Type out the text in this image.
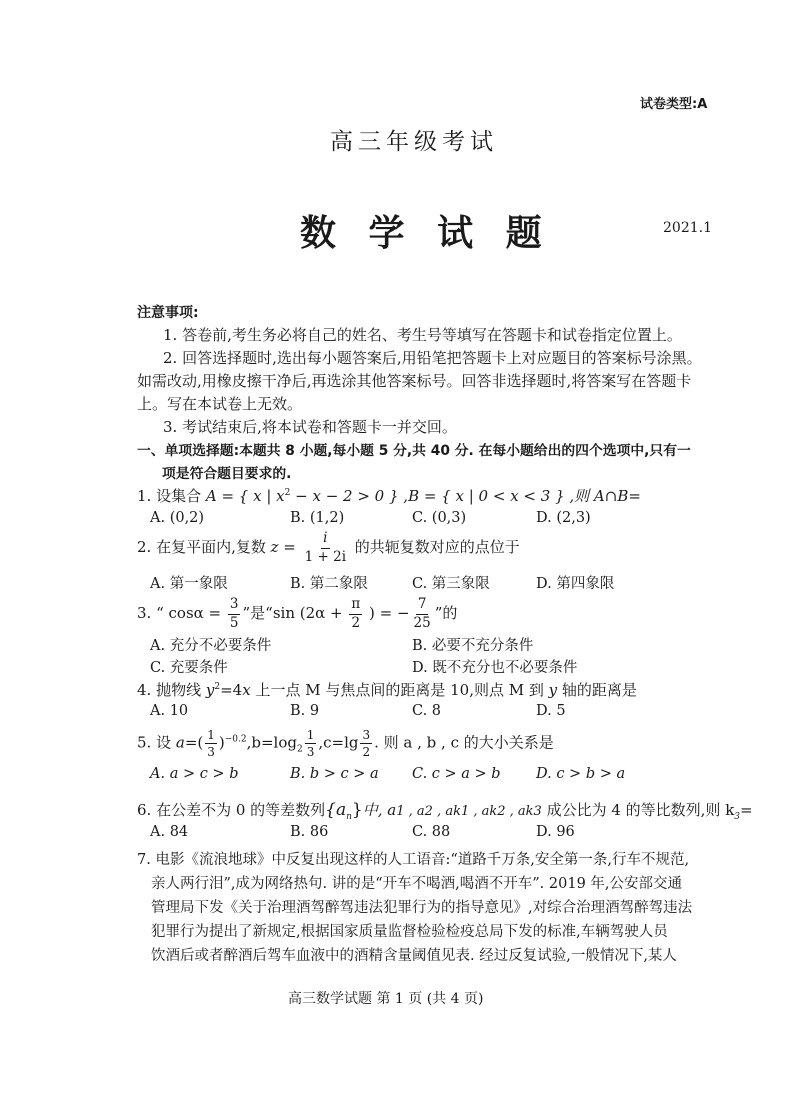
试卷类型:A
高三年级考试
数 学 试 题	2021.1
注意事项:
1. 答卷前,考生务必将自己的姓名、考生号等填写在答题卡和试卷指定位置上。
2. 回答选择题时,选出每小题答案后,用铅笔把答题卡上对应题目的答案标号涂黑。
如需改动,用橡皮擦干净后,再选涂其他答案标号。回答非选择题时,将答案写在答题卡
上。写在本试卷上无效。
3. 考试结束后,将本试卷和答题卡一并交回。
一、单项选择题:本题共 8 小题,每小题 5 分,共 40 分. 在每小题给出的四个选项中,只有一
项是符合题目要求的.
1. 设集合 A = { x | $x^2 - x - 2 > 0$ } ,B = { x | 0 < x < 3 } ,则 A∩B=
A. (0,2)	B. (1,2)	C. (0,3)	D. (2,3)
2. 在复平面内,复数 $z = \frac{i}{1 + 2i}$ 的共轭复数对应的点位于
A. 第一象限	B. 第二象限	C. 第三象限	D. 第四象限
3. “ $\cos\alpha = \frac{3}{5}$ ”是“sin ($2\alpha + \frac{\pi}{2}$ ) = − $\frac{7}{25}$ ”的
A. 充分不必要条件	B. 必要不充分条件
C. 充要条件	D. 既不充分也不必要条件
4. 抛物线 $y^2=4x$ 上一点 M 与焦点间的距离是 10,则点 M 到 y 轴的距离是
A. 10	B. 9	C. 8	D. 5
5. 设 $a=( \frac{1}{3} )^{-0.2},b=\log_2 \frac{1}{3} ,c=\lg \frac{3}{2}$ . 则 a , b , c 的大小关系是
A. a > c > b	B. b > c > a C. c > a > b D. c > b > a
6. 在公差不为 0 的等差数列$\{a_n\}$中, a1 , a2 , ak1 , ak2 , ak3 成公比为 4 的等比数列,则 $k_3=$
A. 84	B. 86	C. 88	D. 96
7. 电影《流浪地球》中反复出现这样的人工语音:“道路千万条,安全第一条,行车不规范,
亲人两行泪”,成为网络热句. 讲的是“开车不喝酒,喝酒不开车”. 2019 年,公安部交通
管理局下发《关于治理酒驾醉驾违法犯罪行为的指导意见》,对综合治理酒驾醉驾违法
犯罪行为提出了新规定,根据国家质量监督检验检疫总局下发的标准,车辆驾驶人员
饮酒后或者醉酒后驾车血液中的酒精含量阈值见表. 经过反复试验,一般情况下,某人
高三数学试题 第 1 页 (共 4 页)
